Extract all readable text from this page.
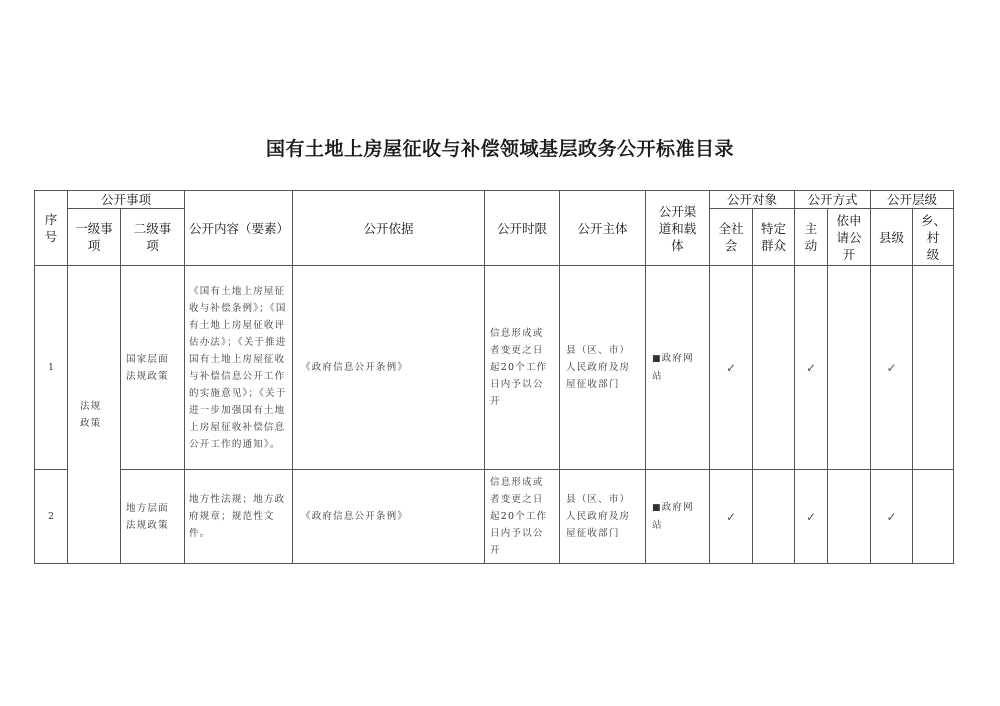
国有土地上房屋征收与补偿领域基层政务公开标准目录
序号	公开事项		公开内容（要素）	公开依据	公开时限	公开主体	公开渠道和载体	公开对象		公开方式		公开层级	
	一级事项	二级事项						全社会	特定群众	主动	依申请公开	县级	乡、村级
1	法规政策	国家层面法规政策	《国有土地上房屋征收与补偿条例》；《国有土地上房屋征收评估办法》；《关于推进国有土地上房屋征收与补偿信息公开工作的实施意见》；《关于进一步加强国有土地上房屋征收补偿信息公开工作的通知》。	《政府信息公开条例》	信息形成或者变更之日起20个工作日内予以公开	县（区、市）人民政府及房屋征收部门	■政府网站	✓		✓		✓	
2		地方层面法规政策	地方性法规；地方政府规章；规范性文件。	《政府信息公开条例》	信息形成或者变更之日起20个工作日内予以公开	县（区、市）人民政府及房屋征收部门	■政府网站	✓		✓		✓	
